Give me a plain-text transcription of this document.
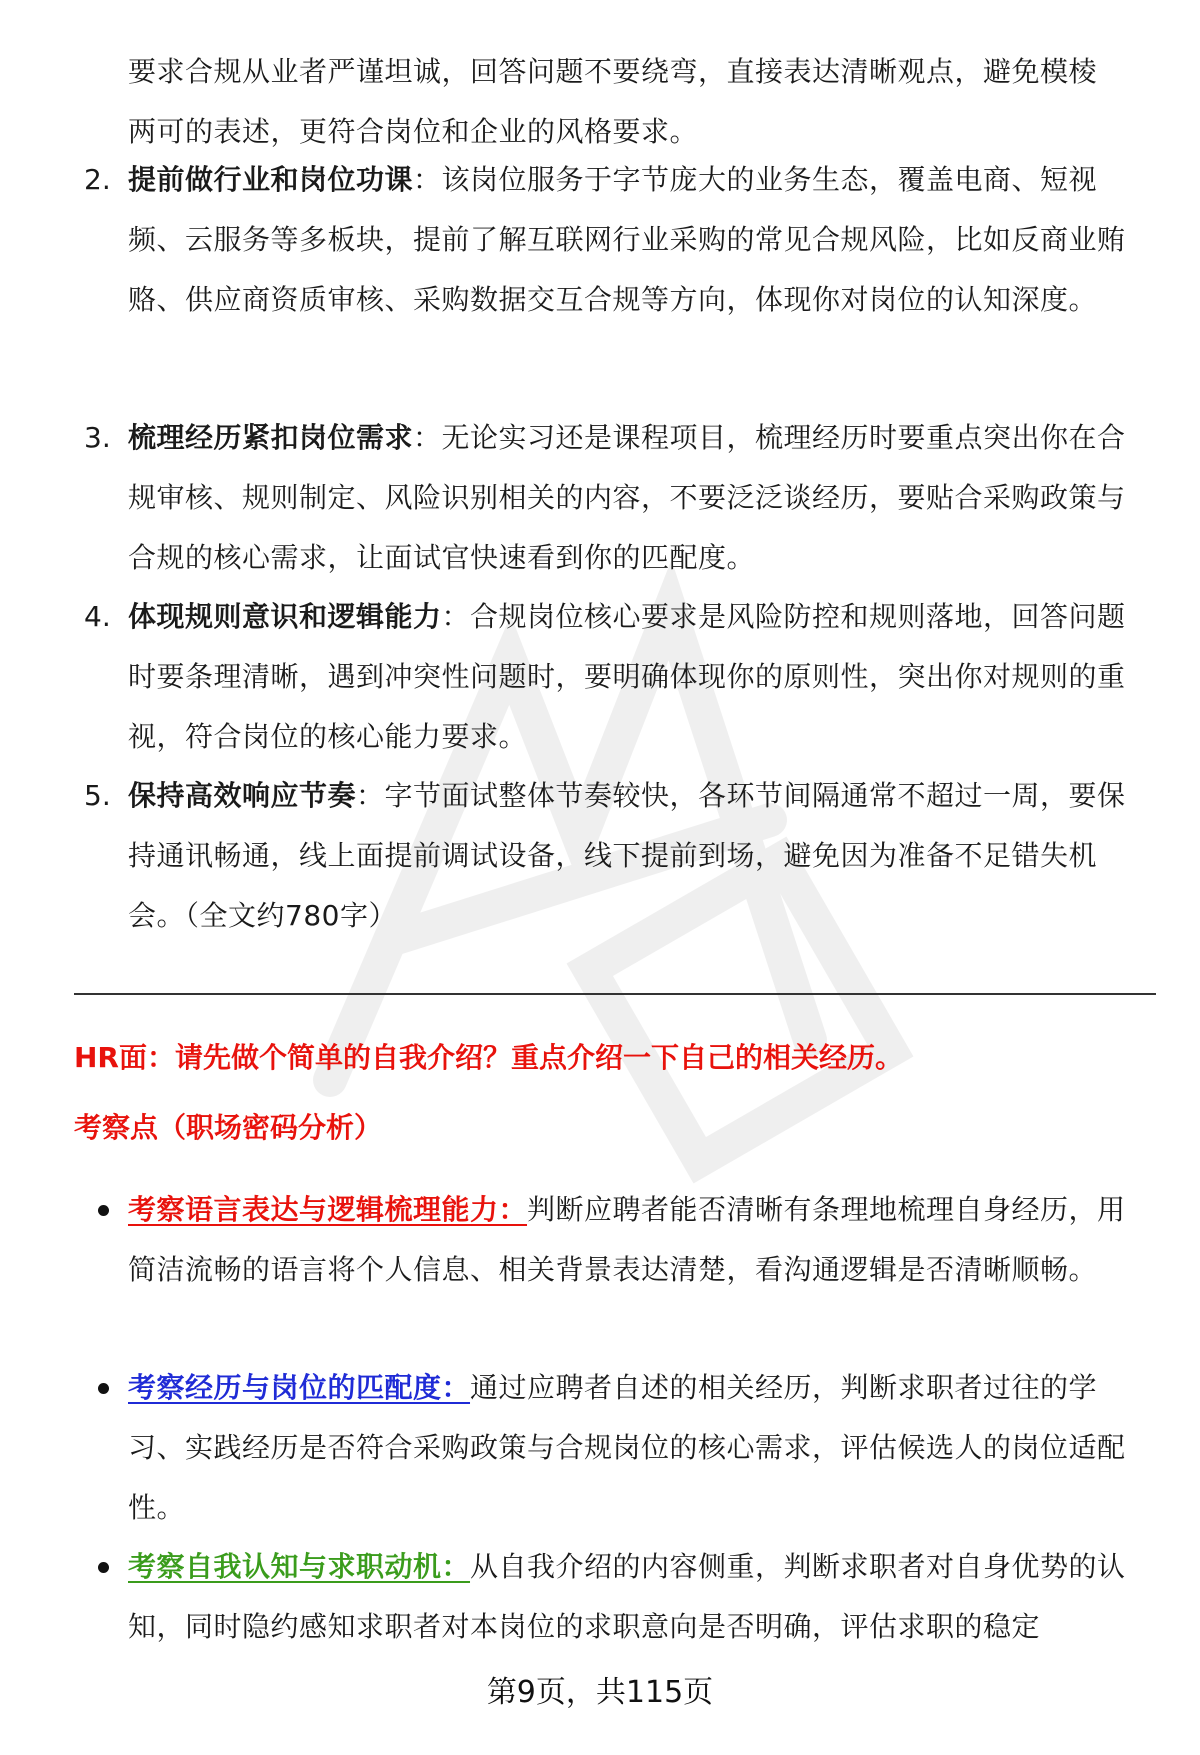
要求合规从业者严谨坦诚，回答问题不要绕弯，直接表达清晰观点，避免模棱
两可的表述，更符合岗位和企业的风格要求。
2. 提前做行业和岗位功课：该岗位服务于字节庞大的业务生态，覆盖电商、短视频、云服务等多板块，提前了解互联网行业采购的常见合规风险，比如反商业贿赂、供应商资质审核、采购数据交互合规等方向，体现你对岗位的认知深度。
3. 梳理经历紧扣岗位需求：无论实习还是课程项目，梳理经历时要重点突出你在合规审核、规则制定、风险识别相关的内容，不要泛泛谈经历，要贴合采购政策与合规的核心需求，让面试官快速看到你的匹配度。
4. 体现规则意识和逻辑能力：合规岗位核心要求是风险防控和规则落地，回答问题时要条理清晰，遇到冲突性问题时，要明确体现你的原则性，突出你对规则的重视，符合岗位的核心能力要求。
5. 保持高效响应节奏：字节面试整体节奏较快，各环节间隔通常不超过一周，要保持通讯畅通，线上面提前调试设备，线下提前到场，避免因为准备不足错失机会。（全文约780字）
HR面：请先做个简单的自我介绍？重点介绍一下自己的相关经历。
考察点（职场密码分析）
考察语言表达与逻辑梳理能力：判断应聘者能否清晰有条理地梳理自身经历，用简洁流畅的语言将个人信息、相关背景表达清楚，看沟通逻辑是否清晰顺畅。
考察经历与岗位的匹配度：通过应聘者自述的相关经历，判断求职者过往的学习、实践经历是否符合采购政策与合规岗位的核心需求，评估候选人的岗位适配性。
考察自我认知与求职动机：从自我介绍的内容侧重，判断求职者对自身优势的认知，同时隐约感知求职者对本岗位的求职意向是否明确，评估求职的稳定
第9页，共115页
